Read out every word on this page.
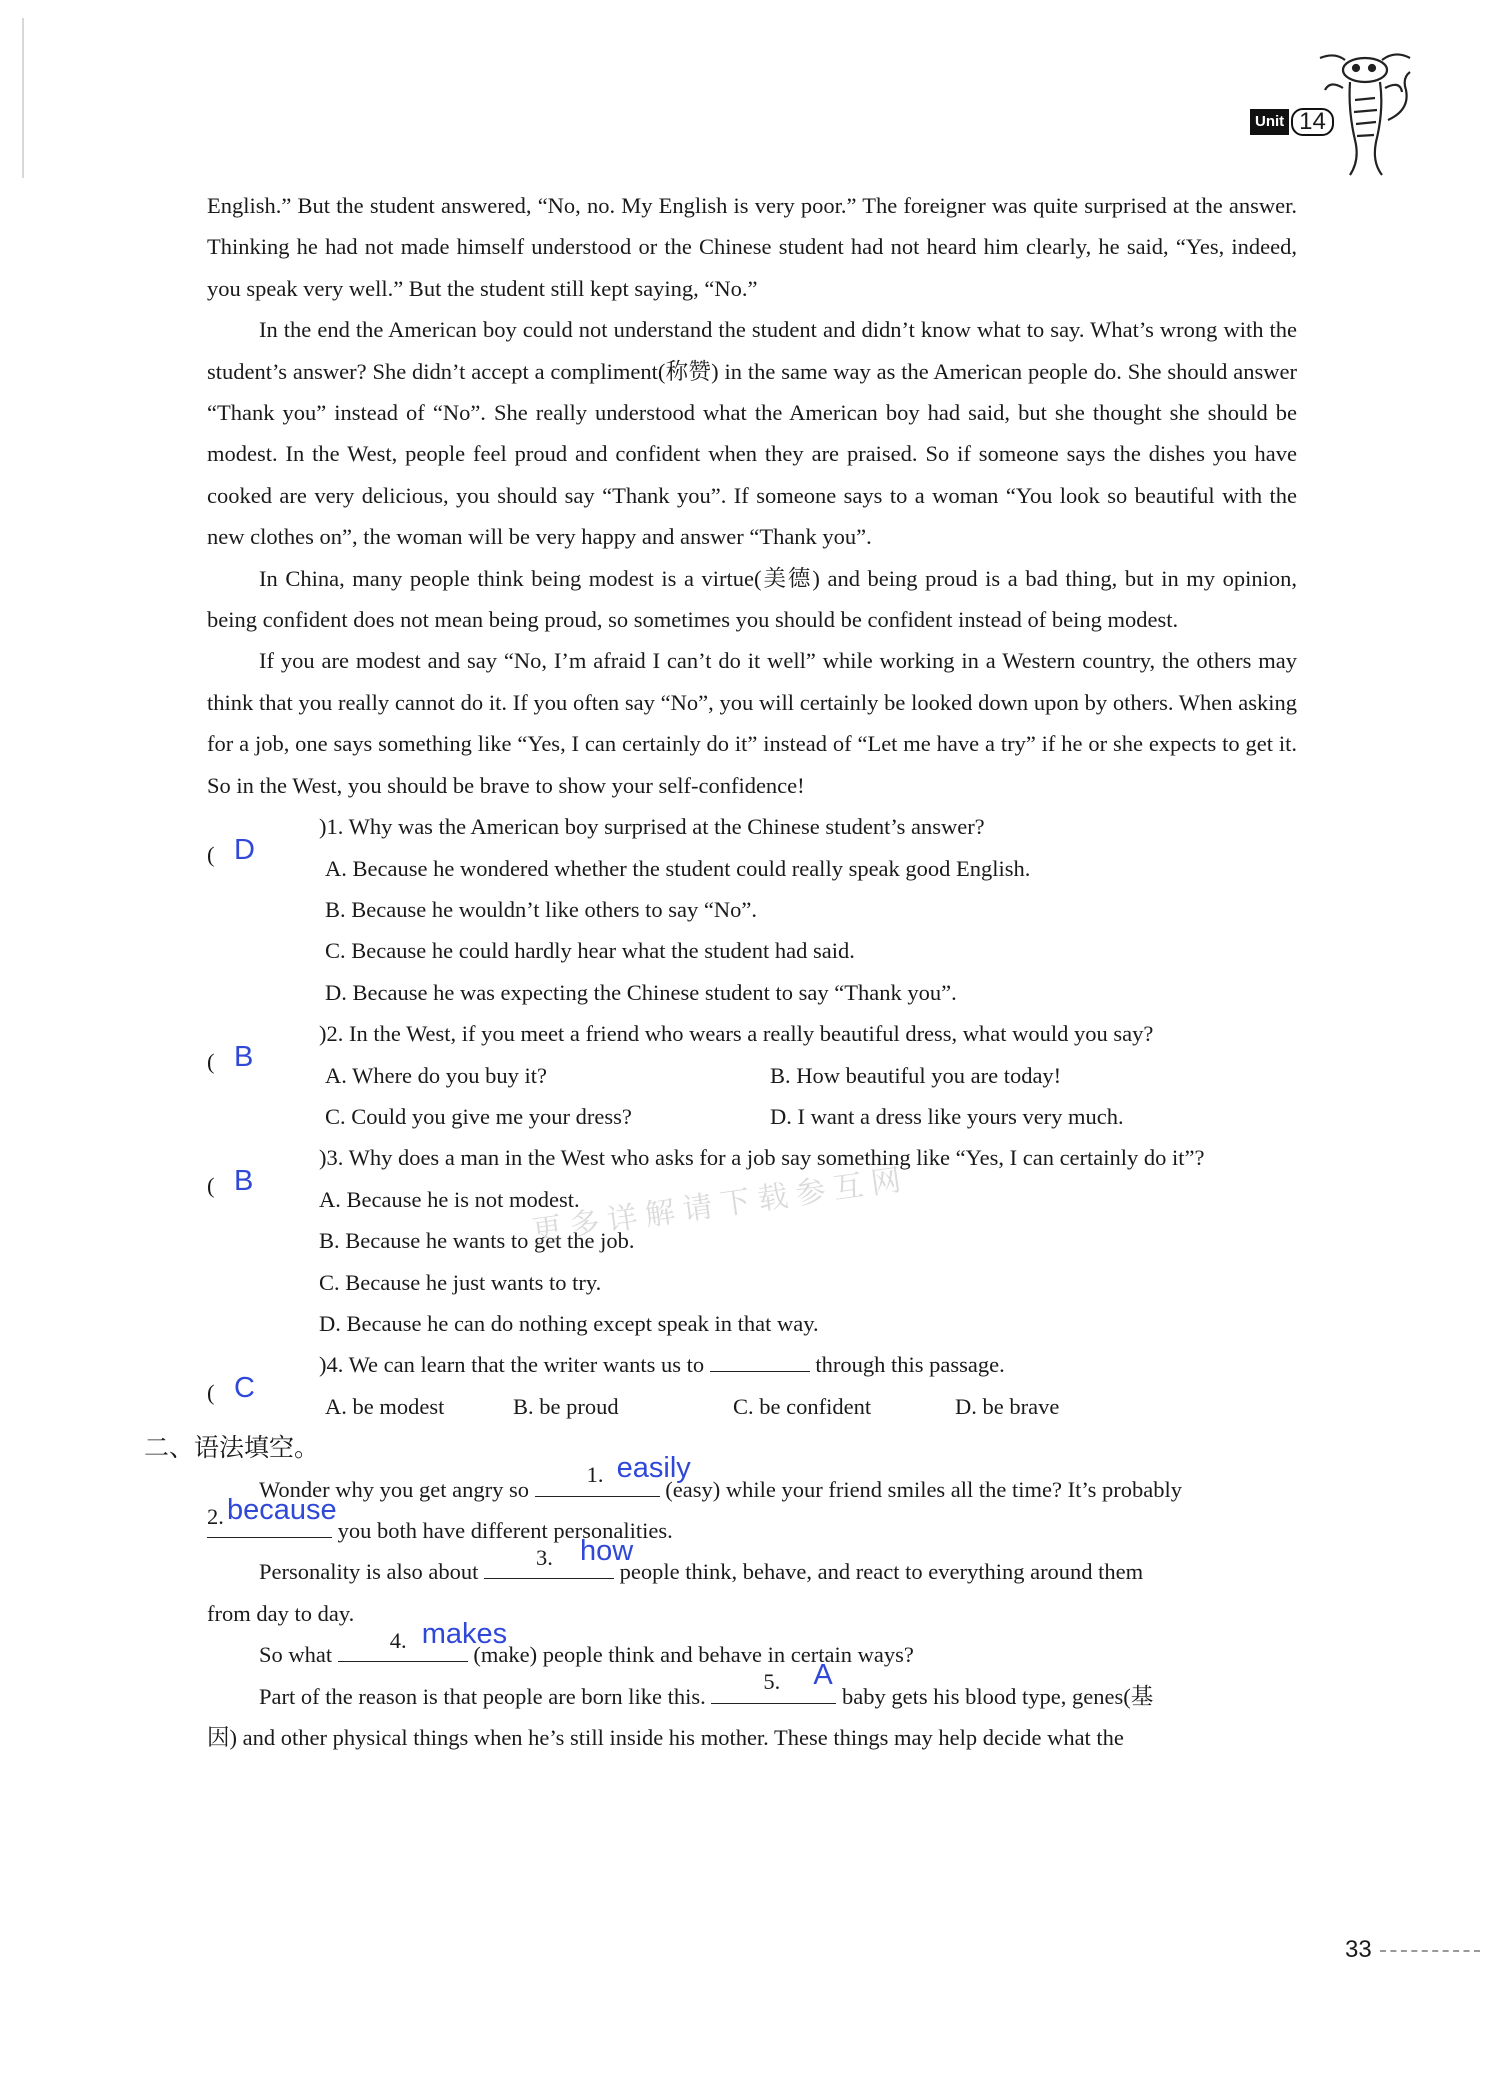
Unit 14

English.” But the student answered, “No, no. My English is very poor.” The foreigner was quite surprised at the answer. Thinking he had not made himself understood or the Chinese student had not heard him clearly, he said, “Yes, indeed, you speak very well.” But the student still kept saying, “No.”

In the end the American boy could not understand the student and didn’t know what to say. What’s wrong with the student’s answer? She didn’t accept a compliment(称赞) in the same way as the American people do. She should answer “Thank you” instead of “No”. She really understood what the American boy had said, but she thought she should be modest. In the West, people feel proud and confident when they are praised. So if someone says the dishes you have cooked are very delicious, you should say “Thank you”. If someone says to a woman “You look so beautiful with the new clothes on”, the woman will be very happy and answer “Thank you”.

In China, many people think being modest is a virtue(美德) and being proud is a bad thing, but in my opinion, being confident does not mean being proud, so sometimes you should be confident instead of being modest.

If you are modest and say “No, I’m afraid I can’t do it well” while working in a Western country, the others may think that you really cannot do it. If you often say “No”, you will certainly be looked down upon by others. When asking for a job, one says something like “Yes, I can certainly do it” instead of “Let me have a try” if he or she expects to get it. So in the West, you should be brave to show your self-confidence!

( D
)1. Why was the American boy surprised at the Chinese student’s answer?
A. Because he wondered whether the student could really speak good English.
B. Because he wouldn’t like others to say “No”.
C. Because he could hardly hear what the student had said.
D. Because he was expecting the Chinese student to say “Thank you”.
( B
)2. In the West, if you meet a friend who wears a really beautiful dress, what would you say?
A. Where do you buy it?	B. How beautiful you are today!
C. Could you give me your dress?	D. I want a dress like yours very much.
( B
)3. Why does a man in the West who asks for a job say something like “Yes, I can certainly do it”?
A. Because he is not modest.
B. Because he wants to get the job.
C. Because he just wants to try.
D. Because he can do nothing except speak in that way.
( C
)4. We can learn that the writer wants us to	through this passage.
A. be modest	B. be proud	C. be confident	D. be brave
二、语法填空。
Wonder why you get angry so
1. easily
(easy) while your friend smiles all the time? It’s probably
2. because
you both have different personalities.
Personality is also about
3. how
people think, behave, and react to everything around them
from day to day.
So what
4. makes
(make) people think and behave in certain ways?
Part of the reason is that people are born like this.
5.	A
baby gets his blood type, genes(基
因) and other physical things when he’s still inside his mother. These things may help decide what the
更多详解请下载参互网
33
